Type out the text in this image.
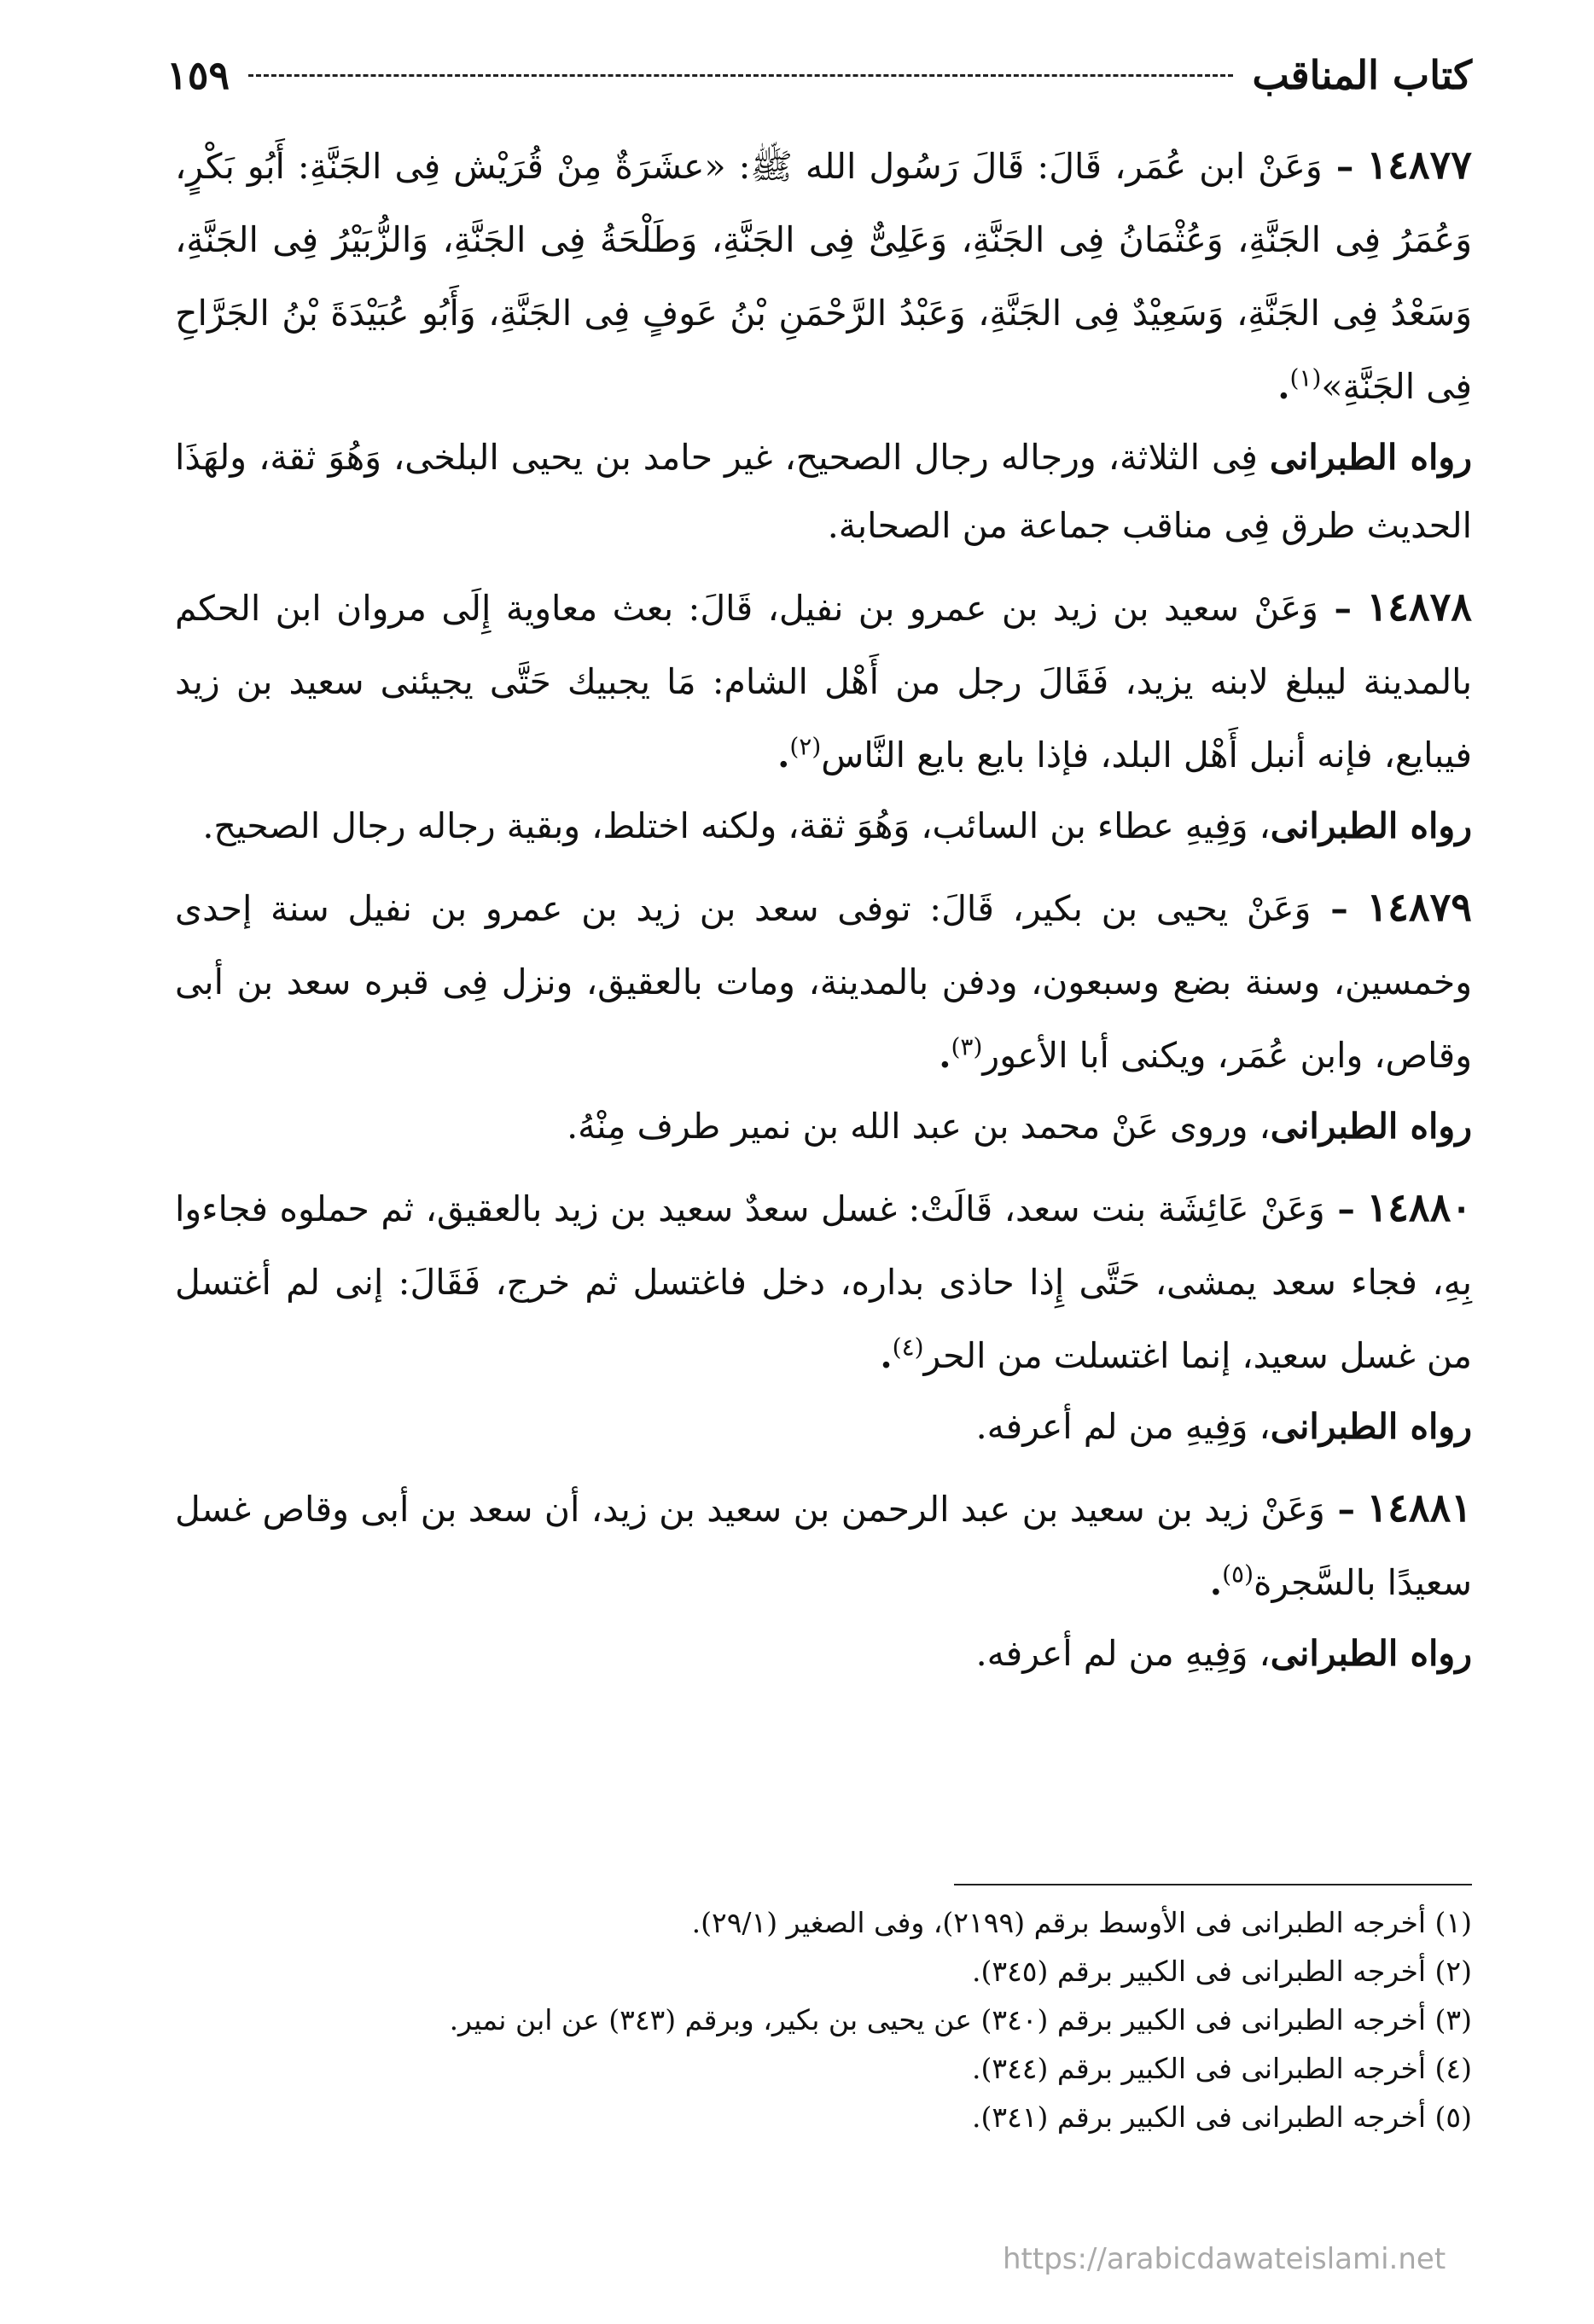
كتاب المناقب
١٥٩
١٤٨٧٧ – وَعَنْ ابن عُمَر، قَالَ: قَالَ رَسُول الله ﷺ: «عشَرَةٌ مِنْ قُرَيْش فِى الجَنَّةِ: أَبُو بَكْرٍ، وَعُمَرُ فِى الجَنَّةِ، وَعُثْمَانُ فِى الجَنَّةِ، وَعَلِىٌّ فِى الجَنَّةِ، وَطَلْحَةُ فِى الجَنَّةِ، وَالزُّبَيْرُ فِى الجَنَّةِ، وَسَعْدُ فِى الجَنَّةِ، وَسَعِيْدٌ فِى الجَنَّةِ، وَعَبْدُ الرَّحْمَنِ بْنُ عَوفٍ فِى الجَنَّةِ، وَأَبُو عُبَيْدَةَ بْنُ الجَرَّاحِ فِى الجَنَّةِ»$^{(١)}$.
رواه الطبرانى فِى الثلاثة، ورجاله رجال الصحيح، غير حامد بن يحيى البلخى، وَهُوَ ثقة، ولهَذَا الحديث طرق فِى مناقب جماعة من الصحابة.
١٤٨٧٨ – وَعَنْ سعيد بن زيد بن عمرو بن نفيل، قَالَ: بعث معاوية إِلَى مروان ابن الحكم بالمدينة ليبلغ لابنه يزيد، فَقَالَ رجل من أَهْل الشام: مَا يجبيك حَتَّى يجيئنى سعيد بن زيد فيبايع، فإنه أنبل أَهْل البلد، فإذا بايع بايع النَّاس$^{(٢)}$.
رواه الطبرانى، وَفِيهِ عطاء بن السائب، وَهُوَ ثقة، ولكنه اختلط، وبقية رجاله رجال الصحيح.
١٤٨٧٩ – وَعَنْ يحيى بن بكير، قَالَ: توفى سعد بن زيد بن عمرو بن نفيل سنة إحدى وخمسين، وسنة بضع وسبعون، ودفن بالمدينة، ومات بالعقيق، ونزل فِى قبره سعد بن أبى وقاص، وابن عُمَر، ويكنى أبا الأعور$^{(٣)}$.
رواه الطبرانى، وروى عَنْ محمد بن عبد الله بن نمير طرف مِنْهُ.
١٤٨٨٠ – وَعَنْ عَائِشَة بنت سعد، قَالَتْ: غسل سعدٌ سعيد بن زيد بالعقيق، ثم حملوه فجاءوا بِهِ، فجاء سعد يمشى، حَتَّى إِذا حاذى بداره، دخل فاغتسل ثم خرج، فَقَالَ: إنى لم أغتسل من غسل سعيد، إنما اغتسلت من الحر$^{(٤)}$.
رواه الطبرانى، وَفِيهِ من لم أعرفه.
١٤٨٨١ – وَعَنْ زيد بن سعيد بن عبد الرحمن بن سعيد بن زيد، أن سعد بن أبى وقاص غسل سعيدًا بالسَّجرة$^{(٥)}$.
رواه الطبرانى، وَفِيهِ من لم أعرفه.
(١) أخرجه الطبرانى فى الأوسط برقم (٢١٩٩)، وفى الصغير (٢٩/١).
(٢) أخرجه الطبرانى فى الكبير برقم (٣٤٥).
(٣) أخرجه الطبرانى فى الكبير برقم (٣٤٠) عن يحيى بن بكير، وبرقم (٣٤٣) عن ابن نمير.
(٤) أخرجه الطبرانى فى الكبير برقم (٣٤٤).
(٥) أخرجه الطبرانى فى الكبير برقم (٣٤١).
https://arabicdawateislami.net
